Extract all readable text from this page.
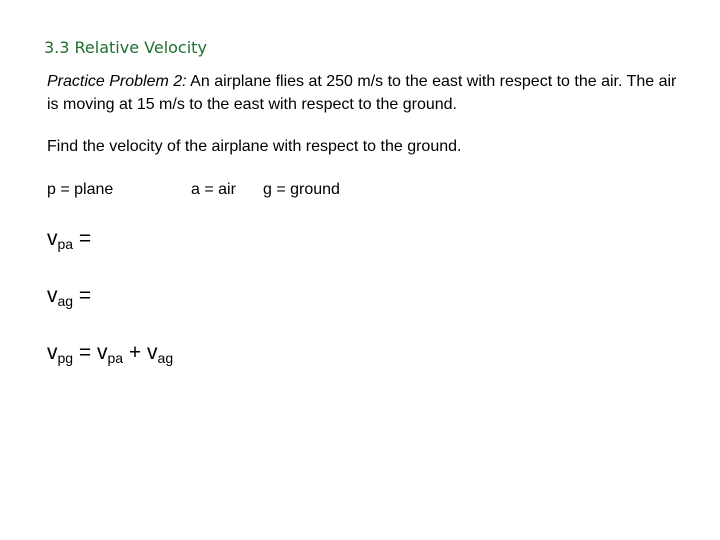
3.3 Relative Velocity
Practice Problem 2: An airplane flies at 250 m/s to the east with respect to the air. The air is moving at 15 m/s to the east with respect to the ground.
Find the velocity of the airplane with respect to the ground.
p = plane	a = air g = ground
$v_{pa}$ =
$v_{ag}$ =
$v_{pg} = v_{pa} + v_{ag}$
